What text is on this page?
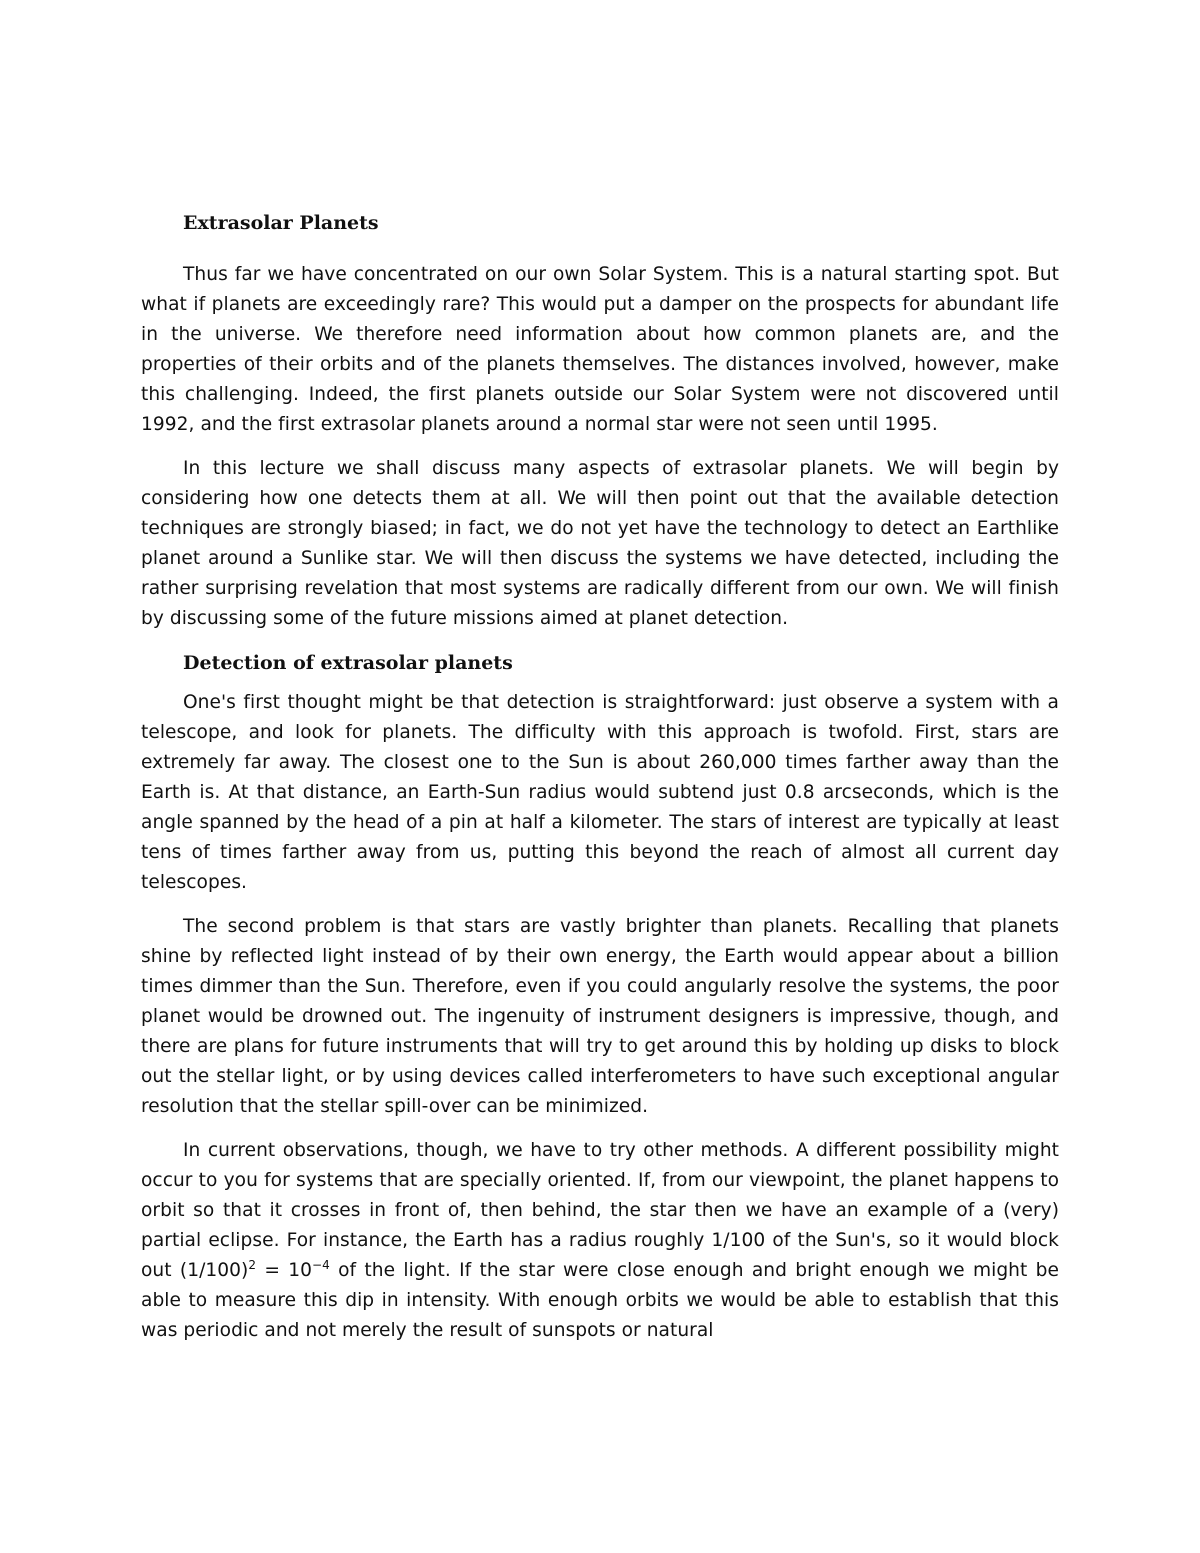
Extrasolar Planets

Thus far we have concentrated on our own Solar System. This is a natural starting spot. But what if planets are exceedingly rare? This would put a damper on the prospects for abundant life in the universe. We therefore need information about how common planets are, and the properties of their orbits and of the planets themselves. The distances involved, however, make this challenging. Indeed, the first planets outside our Solar System were not discovered until 1992, and the first extrasolar planets around a normal star were not seen until 1995.

In this lecture we shall discuss many aspects of extrasolar planets. We will begin by considering how one detects them at all. We will then point out that the available detection techniques are strongly biased; in fact, we do not yet have the technology to detect an Earthlike planet around a Sunlike star. We will then discuss the systems we have detected, including the rather surprising revelation that most systems are radically different from our own. We will finish by discussing some of the future missions aimed at planet detection.

Detection of extrasolar planets

One's first thought might be that detection is straightforward: just observe a system with a telescope, and look for planets. The difficulty with this approach is twofold. First, stars are extremely far away. The closest one to the Sun is about 260,000 times farther away than the Earth is. At that distance, an Earth-Sun radius would subtend just 0.8 arcseconds, which is the angle spanned by the head of a pin at half a kilometer. The stars of interest are typically at least tens of times farther away from us, putting this beyond the reach of almost all current day telescopes.

The second problem is that stars are vastly brighter than planets. Recalling that planets shine by reflected light instead of by their own energy, the Earth would appear about a billion times dimmer than the Sun. Therefore, even if you could angularly resolve the systems, the poor planet would be drowned out. The ingenuity of instrument designers is impressive, though, and there are plans for future instruments that will try to get around this by holding up disks to block out the stellar light, or by using devices called interferometers to have such exceptional angular resolution that the stellar spill-over can be minimized.

In current observations, though, we have to try other methods. A different possibility might occur to you for systems that are specially oriented. If, from our viewpoint, the planet happens to orbit so that it crosses in front of, then behind, the star then we have an example of a (very) partial eclipse. For instance, the Earth has a radius roughly 1/100 of the Sun's, so it would block out $(1/100)^2 = 10^{-4}$ of the light. If the star were close enough and bright enough we might be able to measure this dip in intensity. With enough orbits we would be able to establish that this was periodic and not merely the result of sunspots or natural
